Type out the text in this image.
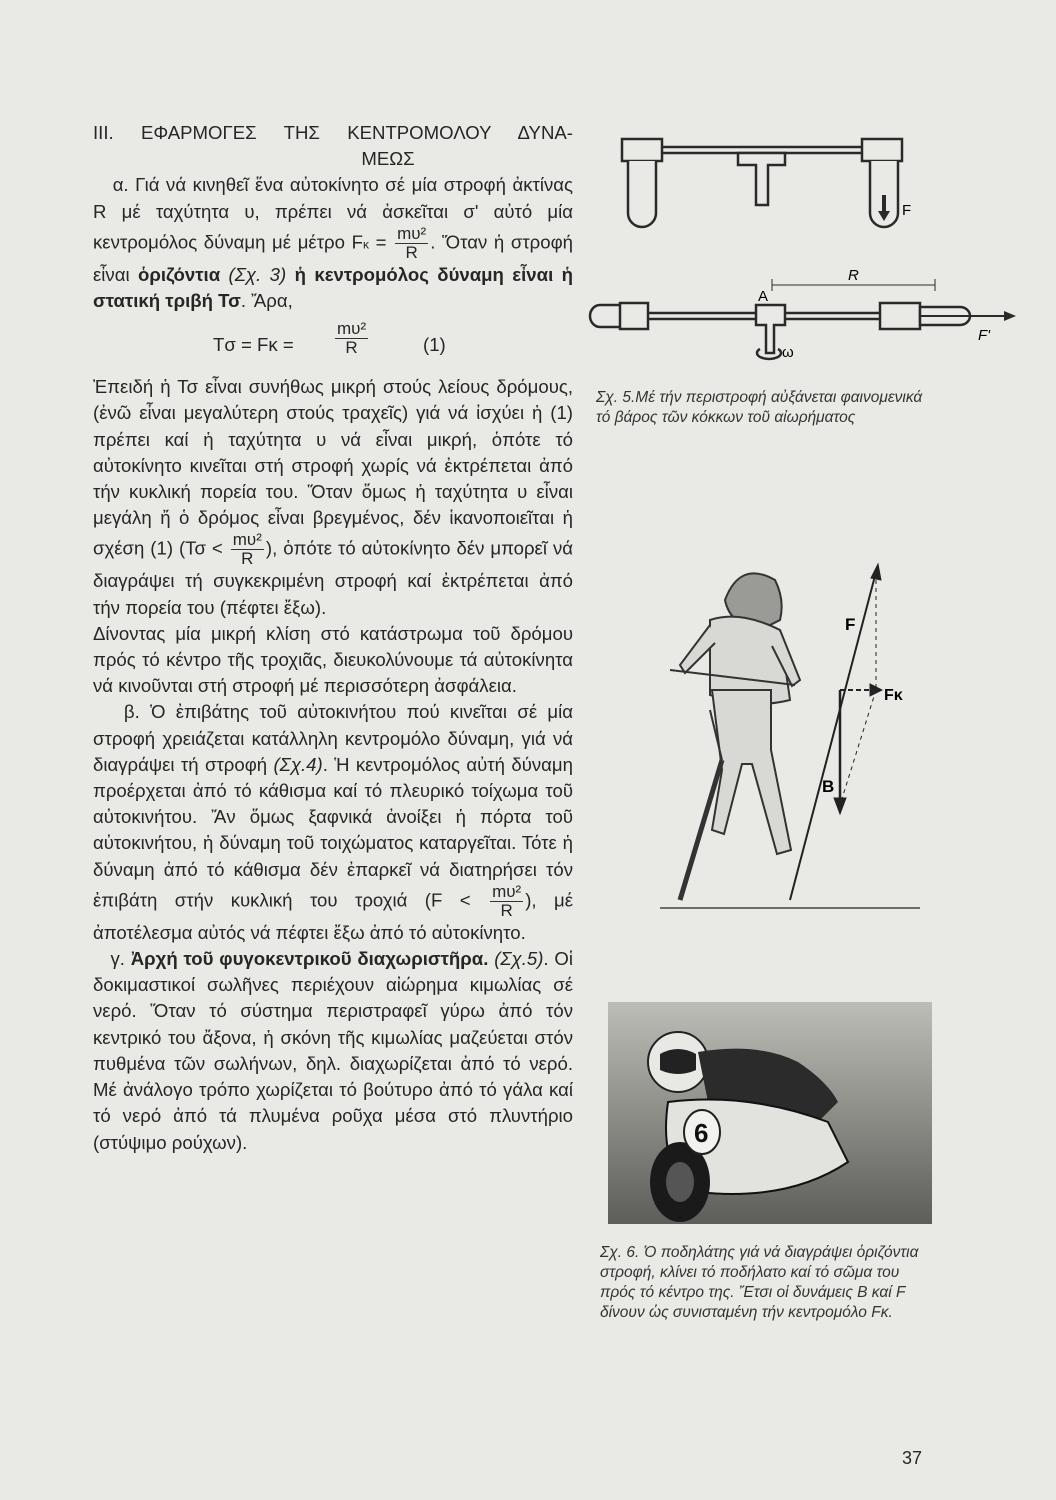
III. ΕΦΑΡΜΟΓΕΣ ΤΗΣ ΚΕΝΤΡΟΜΟΛΟΥ ΔΥΝΑ-
ΜΕΩΣ

α. Γιά νά κινηθεῖ ἕνα αὐτοκίνητο σέ μία στροφή ἀκτίνας R μέ ταχύτητα υ, πρέπει νά ἀσκεῖται σ' αὐτό μία κεντρομόλος δύναμη μέ μέτρο $F\kappa = \frac{\text{mυ²}}{R}$ . Ὅταν ἡ στροφή εἶναι ὁριζόντια (Σχ. 3) ἡ κεντρομόλος δύναμη εἶναι ἡ στατική τριβή Τσ. Ἄρα,

$T\sigma = F\kappa = \frac{\text{mυ²}}{R}$	(1)

Ἐπειδή ἡ Τσ εἶναι συνήθως μικρή στούς λείους δρόμους, (ἐνῶ εἶναι μεγαλύτερη στούς τραχεῖς) γιά νά ἰσχύει ἡ (1) πρέπει καί ἡ ταχύτητα υ νά εἶναι μικρή, ὁπότε τό αὐτοκίνητο κινεῖται στή στροφή χωρίς νά ἐκτρέπεται ἀπό τήν κυκλική πορεία του. Ὅταν ὅμως ἡ ταχύτητα υ εἶναι μεγάλη ἤ ὁ δρόμος εἶναι βρεγμένος, δέν ἱκανοποιεῖται ἡ σχέση (1) ($T\sigma < \frac{\text{mυ²}}{R}$ ), ὁπότε τό αὐτοκίνητο δέν μπορεῖ νά διαγράψει τή συγκεκριμένη στροφή καί ἐκτρέπεται ἀπό τήν πορεία του (πέφτει ἔξω).

Δίνοντας μία μικρή κλίση στό κατάστρωμα τοῦ δρόμου πρός τό κέντρο τῆς τροχιᾶς, διευκολύνουμε τά αὐτοκίνητα νά κινοῦνται στή στροφή μέ περισσότερη ἀσφάλεια.

β. Ὁ ἐπιβάτης τοῦ αὐτοκινήτου πού κινεῖται σέ μία στροφή χρειάζεται κατάλληλη κεντρομόλο δύναμη, γιά νά διαγράψει τή στροφή (Σχ.4). Ἡ κεντρομόλος αὐτή δύναμη προέρχεται ἀπό τό κάθισμα καί τό πλευρικό τοίχωμα τοῦ αὐτοκινήτου. Ἄν ὅμως ξαφνικά ἀνοίξει ἡ πόρτα τοῦ αὐτοκινήτου, ἡ δύναμη τοῦ τοιχώματος καταργεῖται. Τότε ἡ δύναμη ἀπό τό κάθισμα δέν ἐπαρκεῖ νά διατηρήσει τόν ἐπιβάτη στήν κυκλική του τροχιά ($F < \frac{\text{mυ²}}{R}$ ), μέ ἀποτέλεσμα αὐτός νά πέφτει ἔξω ἀπό τό αὐτοκίνητο.

γ. Ἀρχή τοῦ φυγοκεντρικοῦ διαχωριστῆρα. (Σχ.5). Οἱ δοκιμαστικοί σωλῆνες περιέχουν αἰώρημα κιμωλίας σέ νερό. Ὅταν τό σύστημα περιστραφεῖ γύρω ἀπό τόν κεντρικό του ἄξονα, ἡ σκόνη τῆς κιμωλίας μαζεύεται στόν πυθμένα τῶν σωλήνων, δηλ. διαχωρίζεται ἀπό τό νερό. Μέ ἀνάλογο τρόπο χωρίζεται τό βούτυρο ἀπό τό γάλα καί τό νερό ἀπό τά πλυμένα ροῦχα μέσα στό πλυντήριο (στύψιμο ρούχων).

F
R
A
F'
ω
Σχ. 5.Μέ τήν περιστροφή αὐξάνεται φαινομενικά τό βάρος τῶν κόκκων τοῦ αἰωρήματος
F
Fκ
B
6
Σχ. 6. Ὁ ποδηλάτης γιά νά διαγράψει ὁριζόντια στροφή, κλίνει τό ποδήλατο καί τό σῶμα του πρός τό κέντρο της. Ἔτσι οἱ δυνάμεις B καί F δίνουν ὡς συνισταμένη τήν κεντρομόλο Fκ.
37
